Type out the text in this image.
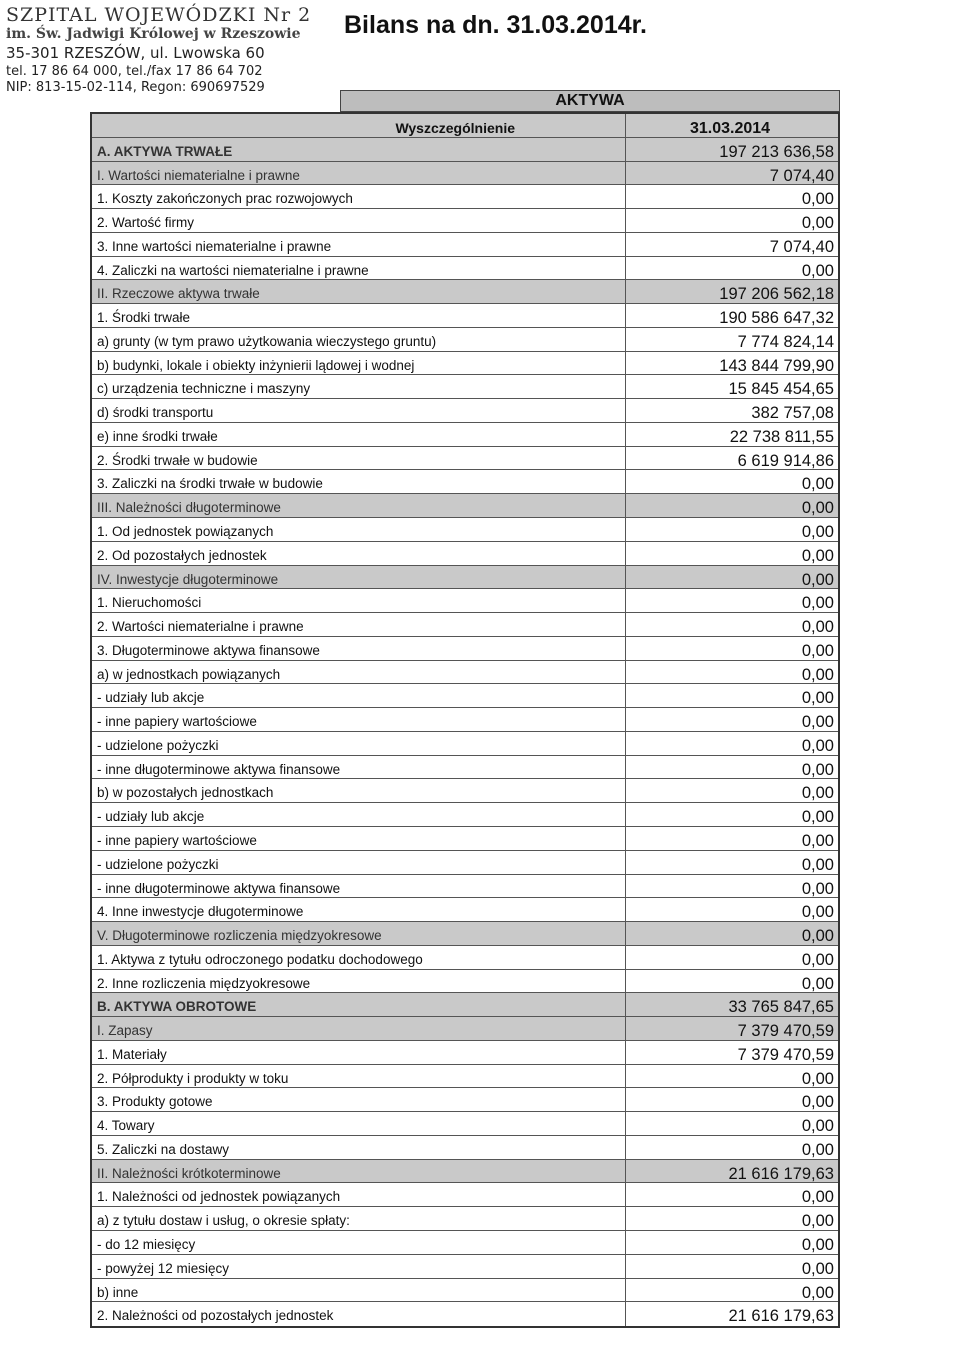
SZPITAL WOJEWÓDZKI Nr 2
im. Św. Jadwigi Królowej w Rzeszowie
35-301 RZESZÓW, ul. Lwowska 60
tel. 17 86 64 000, tel./fax 17 86 64 702
NIP: 813-15-02-114, Regon: 690697529
Bilans na dn. 31.03.2014r.
AKTYWA
Wyszczególnienie	31.03.2014
A. AKTYWA TRWAŁE	197 213 636,58
I. Wartości niematerialne i prawne	7 074,40
1. Koszty zakończonych prac rozwojowych	0,00
2. Wartość firmy	0,00
3. Inne wartości niematerialne i prawne	7 074,40
4. Zaliczki na wartości niematerialne i prawne	0,00
II. Rzeczowe aktywa trwałe	197 206 562,18
1. Środki trwałe	190 586 647,32
a) grunty (w tym prawo użytkowania wieczystego gruntu)	7 774 824,14
b) budynki, lokale i obiekty inżynierii lądowej i wodnej	143 844 799,90
c) urządzenia techniczne i maszyny	15 845 454,65
d) środki transportu	382 757,08
e) inne środki trwałe	22 738 811,55
2. Środki trwałe w budowie	6 619 914,86
3. Zaliczki na środki trwałe w budowie	0,00
III. Należności długoterminowe	0,00
1. Od jednostek powiązanych	0,00
2. Od pozostałych jednostek	0,00
IV. Inwestycje długoterminowe	0,00
1. Nieruchomości	0,00
2. Wartości niematerialne i prawne	0,00
3. Długoterminowe aktywa finansowe	0,00
a) w jednostkach powiązanych	0,00
- udziały lub akcje	0,00
- inne papiery wartościowe	0,00
- udzielone pożyczki	0,00
- inne długoterminowe aktywa finansowe	0,00
b) w pozostałych jednostkach	0,00
- udziały lub akcje	0,00
- inne papiery wartościowe	0,00
- udzielone pożyczki	0,00
- inne długoterminowe aktywa finansowe	0,00
4. Inne inwestycje długoterminowe	0,00
V. Długoterminowe rozliczenia międzyokresowe	0,00
1. Aktywa z tytułu odroczonego podatku dochodowego	0,00
2. Inne rozliczenia międzyokresowe	0,00
B. AKTYWA OBROTOWE	33 765 847,65
I. Zapasy	7 379 470,59
1. Materiały	7 379 470,59
2. Półprodukty i produkty w toku	0,00
3. Produkty gotowe	0,00
4. Towary	0,00
5. Zaliczki na dostawy	0,00
II. Należności krótkoterminowe	21 616 179,63
1. Należności od jednostek powiązanych	0,00
a) z tytułu dostaw i usług, o okresie spłaty:	0,00
- do 12 miesięcy	0,00
- powyżej 12 miesięcy	0,00
b) inne	0,00
2. Należności od pozostałych jednostek	21 616 179,63
